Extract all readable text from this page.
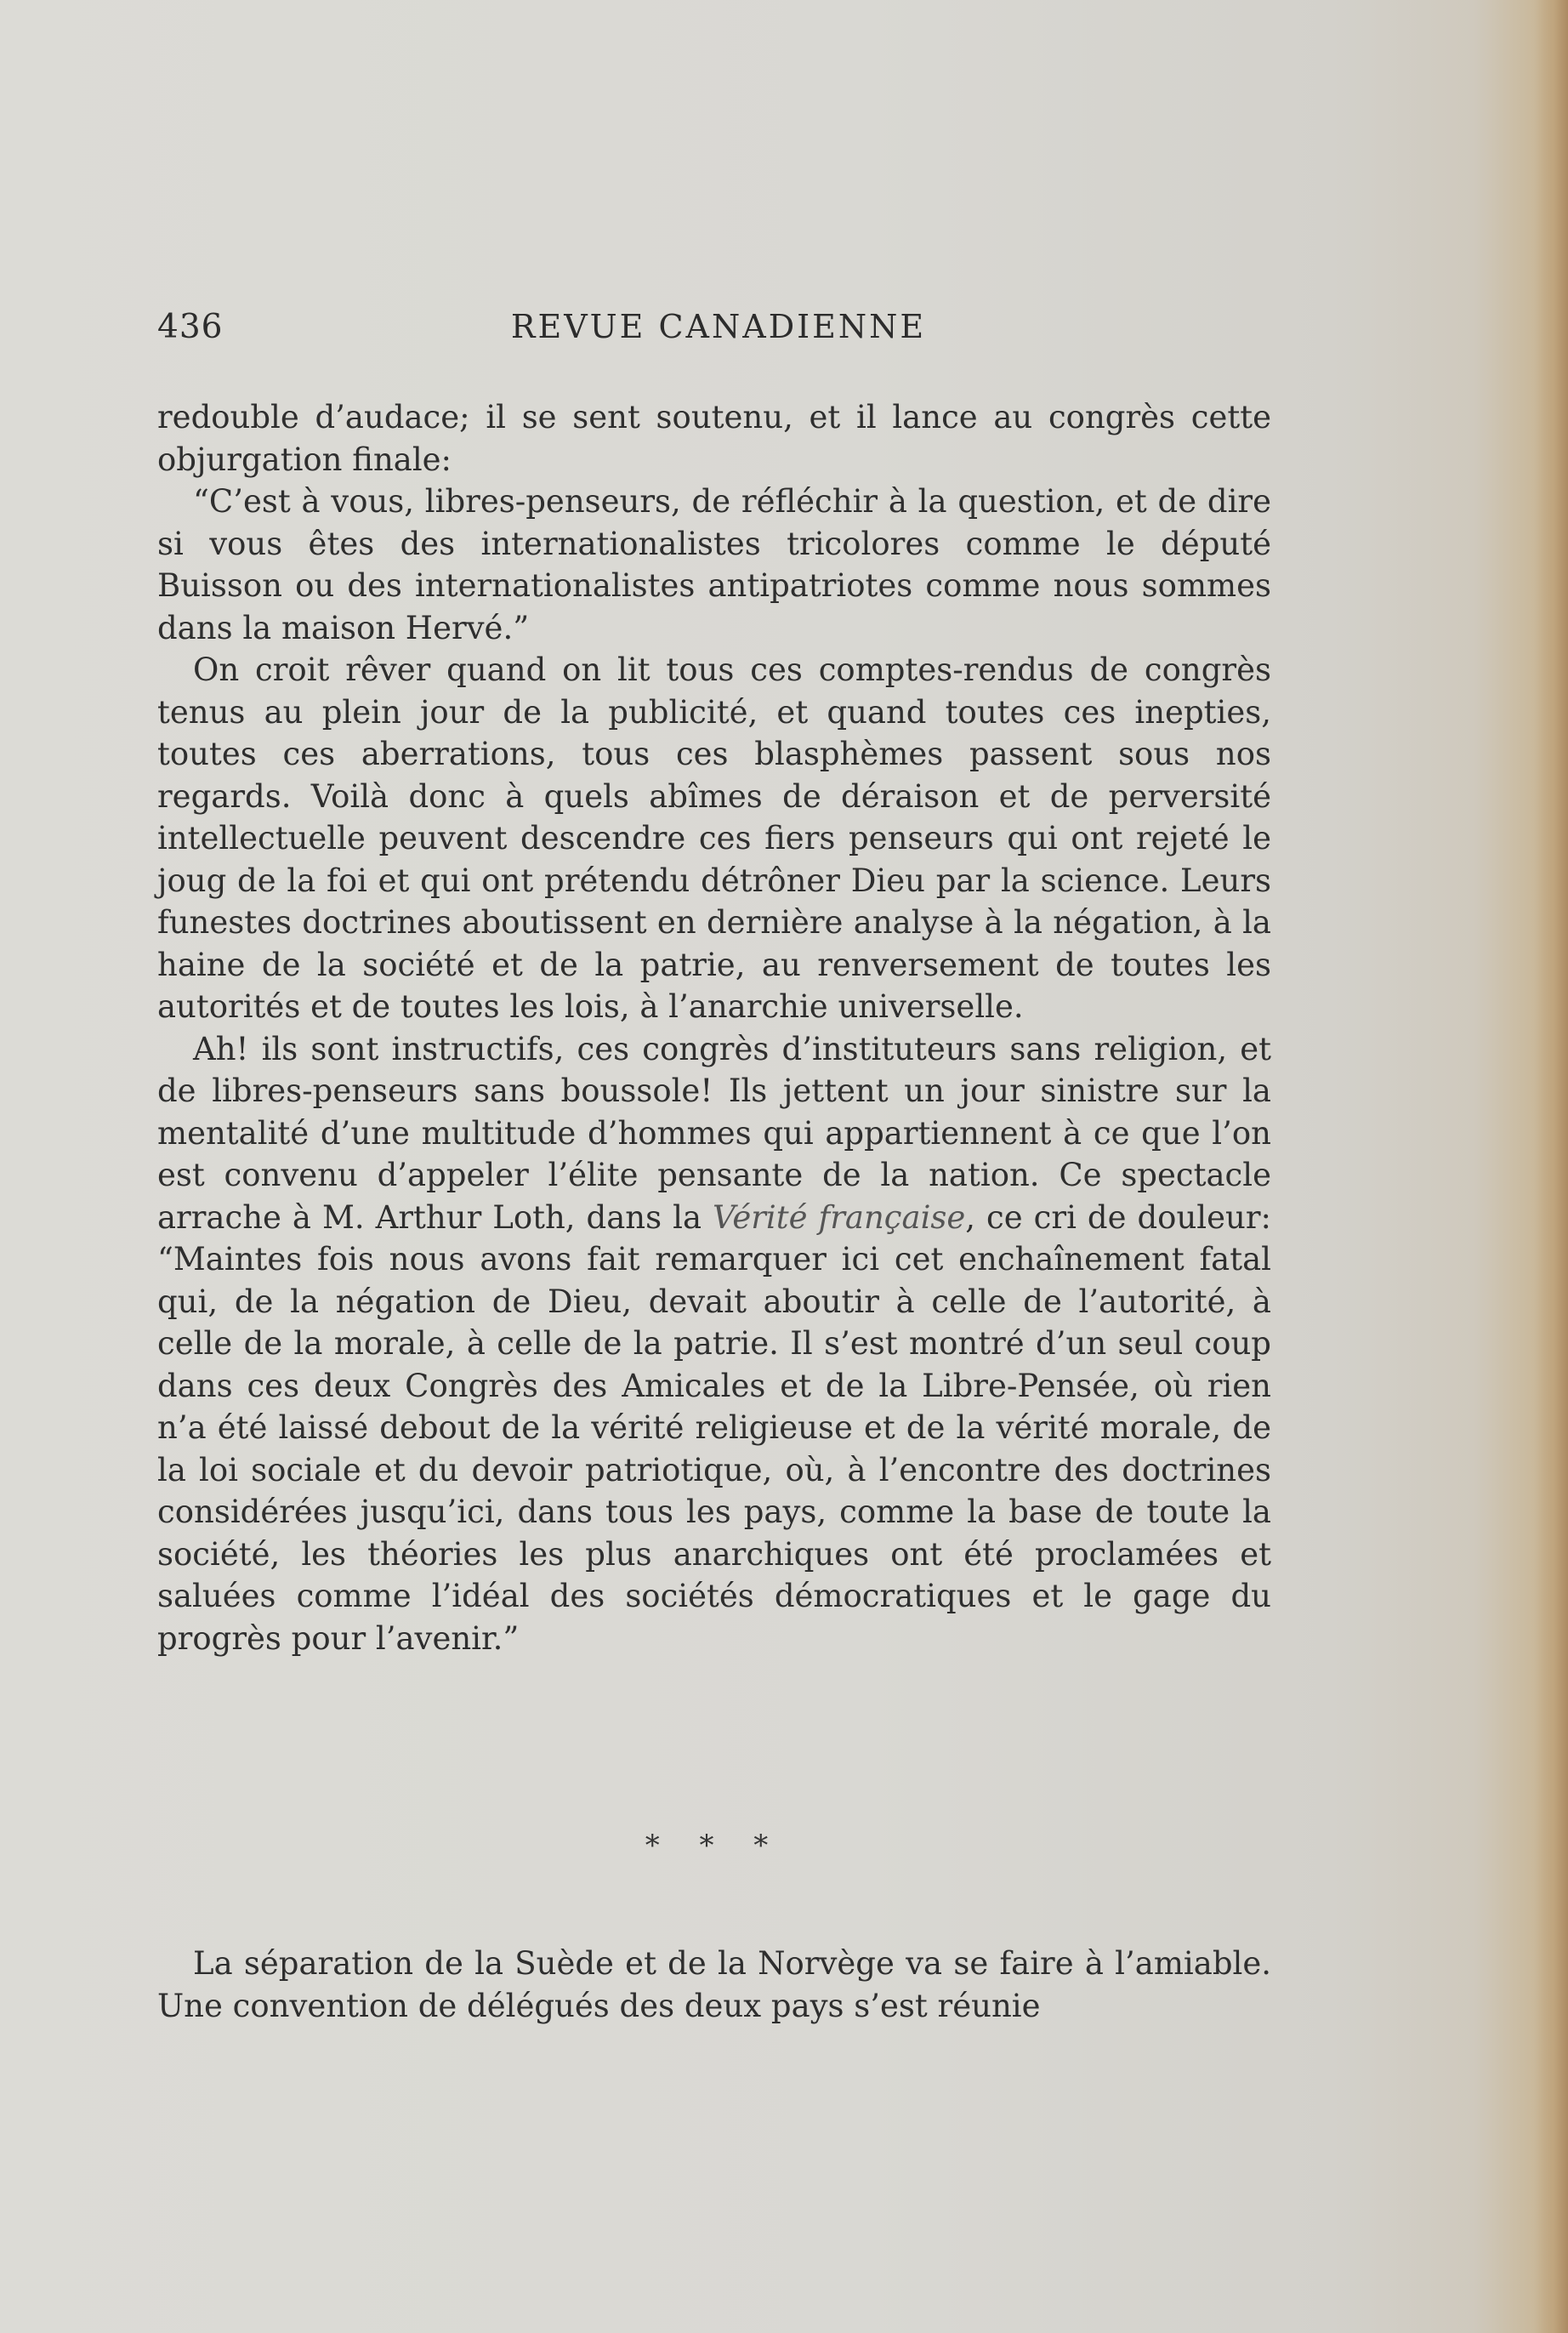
436	REVUE CANADIENNE

redouble d’audace; il se sent soutenu, et il lance au congrès cette objurgation finale:

“C’est à vous, libres-penseurs, de réfléchir à la question, et de dire si vous êtes des internationalistes tricolores comme le député Buisson ou des internationalistes antipatriotes comme nous sommes dans la maison Hervé.”

On croit rêver quand on lit tous ces comptes-rendus de congrès tenus au plein jour de la publicité, et quand toutes ces inepties, toutes ces aberrations, tous ces blasphèmes passent sous nos regards. Voilà donc à quels abîmes de déraison et de perversité intellectuelle peuvent descendre ces fiers penseurs qui ont rejeté le joug de la foi et qui ont prétendu détrôner Dieu par la science. Leurs funestes doctrines aboutissent en dernière analyse à la négation, à la haine de la société et de la patrie, au renversement de toutes les autorités et de toutes les lois, à l’anarchie universelle.

Ah! ils sont instructifs, ces congrès d’instituteurs sans religion, et de libres-penseurs sans boussole! Ils jettent un jour sinistre sur la mentalité d’une multitude d’hommes qui appartiennent à ce que l’on est convenu d’appeler l’élite pensante de la nation. Ce spectacle arrache à M. Arthur Loth, dans la Vérité française, ce cri de douleur: “Maintes fois nous avons fait remarquer ici cet enchaînement fatal qui, de la négation de Dieu, devait aboutir à celle de l’autorité, à celle de la morale, à celle de la patrie. Il s’est montré d’un seul coup dans ces deux Congrès des Amicales et de la Libre-Pensée, où rien n’a été laissé debout de la vérité religieuse et de la vérité morale, de la loi sociale et du devoir patriotique, où, à l’encontre des doctrines considérées jusqu’ici, dans tous les pays, comme la base de toute la société, les théories les plus anarchiques ont été proclamées et saluées comme l’idéal des sociétés démocratiques et le gage du progrès pour l’avenir.”

* * *

La séparation de la Suède et de la Norvège va se faire à l’amiable. Une convention de délégués des deux pays s’est réunie
